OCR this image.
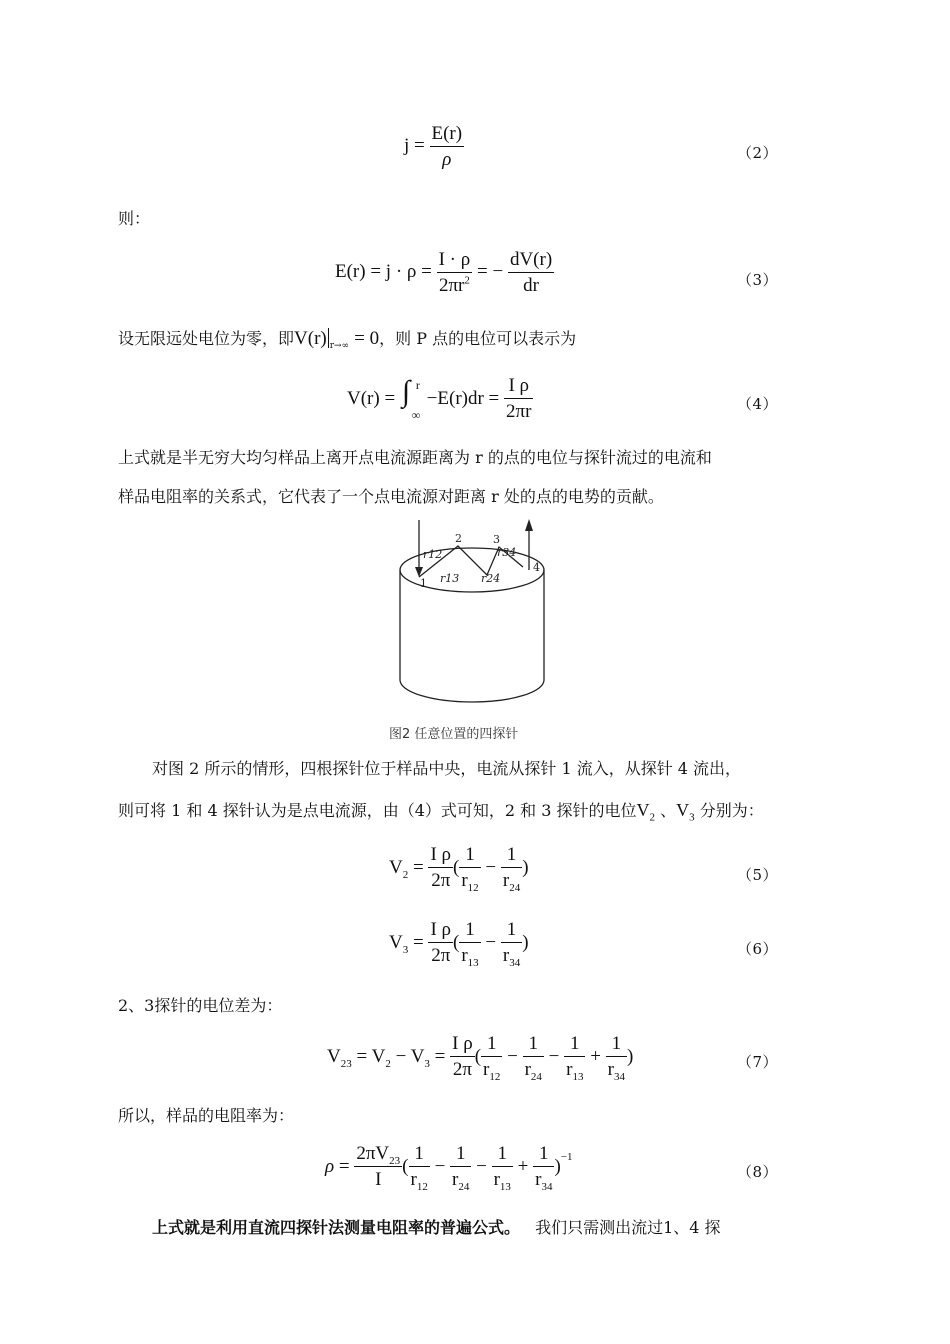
$j = \frac{E(r)}{\rho}$	（2）
则：
$E(r) = j \cdot \rho = \frac{I \cdot \rho}{2\pi r^2}$ = − $\frac{dV(r)}{dr}$	（3）
设无限远处电位为零，即V(r) $_{r\to\infty}$ = 0，则 P 点的电位可以表示为
V(r) = ∫ r
∞
$-E(r)dr = \frac{\text{I ρ}}{2\pi r}$	（4）
上式就是半无穷大均匀样品上离开点电流源距离为 r 的点的电位与探针流过的电流和
样品电阻率的关系式，它代表了一个点电流源对距离 r 处的点的电势的贡献。
r12
2	3
r34
4
1 r13 r24
图2 任意位置的四探针
对图 2 所示的情形，四根探针位于样品中央，电流从探针 1 流入，从探针 4 流出，
则可将 1 和 4 探针认为是点电流源，由（4）式可知，2 和 3 探针的电位$V_2$ 、$V_3$ 分别为：
$V_2 = \frac{\text{I ρ}}{2\pi}$ ( $\frac{1}{r_{12}} - \frac{1}{r_{24}}$ )	（5）
$V_3 = \frac{\text{I ρ}}{2\pi}$ ( $\frac{1}{r_{13}} - \frac{1}{r_{34}}$ )	（6）
2、3探针的电位差为：
$V_{23} = V_2 - V_3 = \frac{\text{I ρ}}{2\pi}$ ( $\frac{1}{r_{12}} - \frac{1}{r_{24}} - \frac{1}{r_{13}} + \frac{1}{r_{34}}$ )	（7）
所以，样品的电阻率为：
$\rho = \frac{2\pi V_{23}}{I}$ ( $\frac{1}{r_{12}} - \frac{1}{r_{24}} - \frac{1}{r_{13}} + \frac{1}{r_{34}} )^{-1}$
（8）
上式就是利用直流四探针法测量电阻率的普遍公式。 我们只需测出流过1、4 探
